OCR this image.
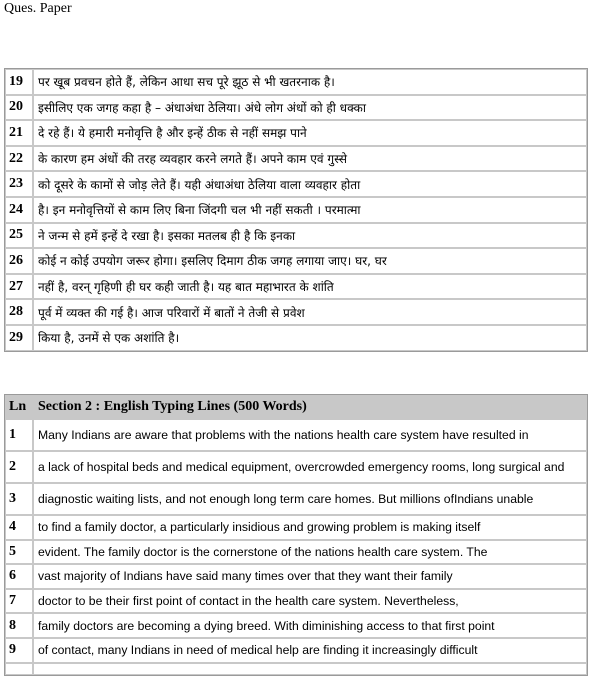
Ques. Paper
19	पर खूब प्रवचन होते हैं, लेकिन आधा सच पूरे झूठ से भी खतरनाक है।
20	इसीलिए एक जगह कहा है – अंधाअंधा ठेलिया। अंधे लोग अंधों को ही धक्का
21	दे रहे हैं। ये हमारी मनोवृत्ति है और इन्हें ठीक से नहीं समझ पाने
22	के कारण हम अंधों की तरह व्यवहार करने लगते हैं। अपने काम एवं गुस्से
23	को दूसरे के कामों से जोड़ लेते हैं। यही अंधाअंधा ठेलिया वाला व्यवहार होता
24	है। इन मनोवृत्तियों से काम लिए बिना जिंदगी चल भी नहीं सकती । परमात्मा
25	ने जन्म से हमें इन्हें दे रखा है। इसका मतलब ही है कि इनका
26	कोई न कोई उपयोग जरूर होगा। इसलिए दिमाग ठीक जगह लगाया जाए। घर, घर
27	नहीं है, वरन् गृहिणी ही घर कही जाती है। यह बात महाभारत के शांति
28	पूर्व में व्यक्त की गई है। आज परिवारों में बातों ने तेजी से प्रवेश
29	किया है, उनमें से एक अशांति है।
Ln	Section 2 : English Typing Lines (500 Words)
1	Many Indians are aware that problems with the nations health care system have resulted in
2	a lack of hospital beds and medical equipment, overcrowded emergency rooms, long surgical and
3	diagnostic waiting lists, and not enough long term care homes. But millions ofIndians unable
4	to find a family doctor, a particularly insidious and growing problem is making itself
5	evident. The family doctor is the cornerstone of the nations health care system. The
6	vast majority of Indians have said many times over that they want their family
7	doctor to be their first point of contact in the health care system. Nevertheless,
8	family doctors are becoming a dying breed. With diminishing access to that first point
9	of contact, many Indians in need of medical help are finding it increasingly difficult
